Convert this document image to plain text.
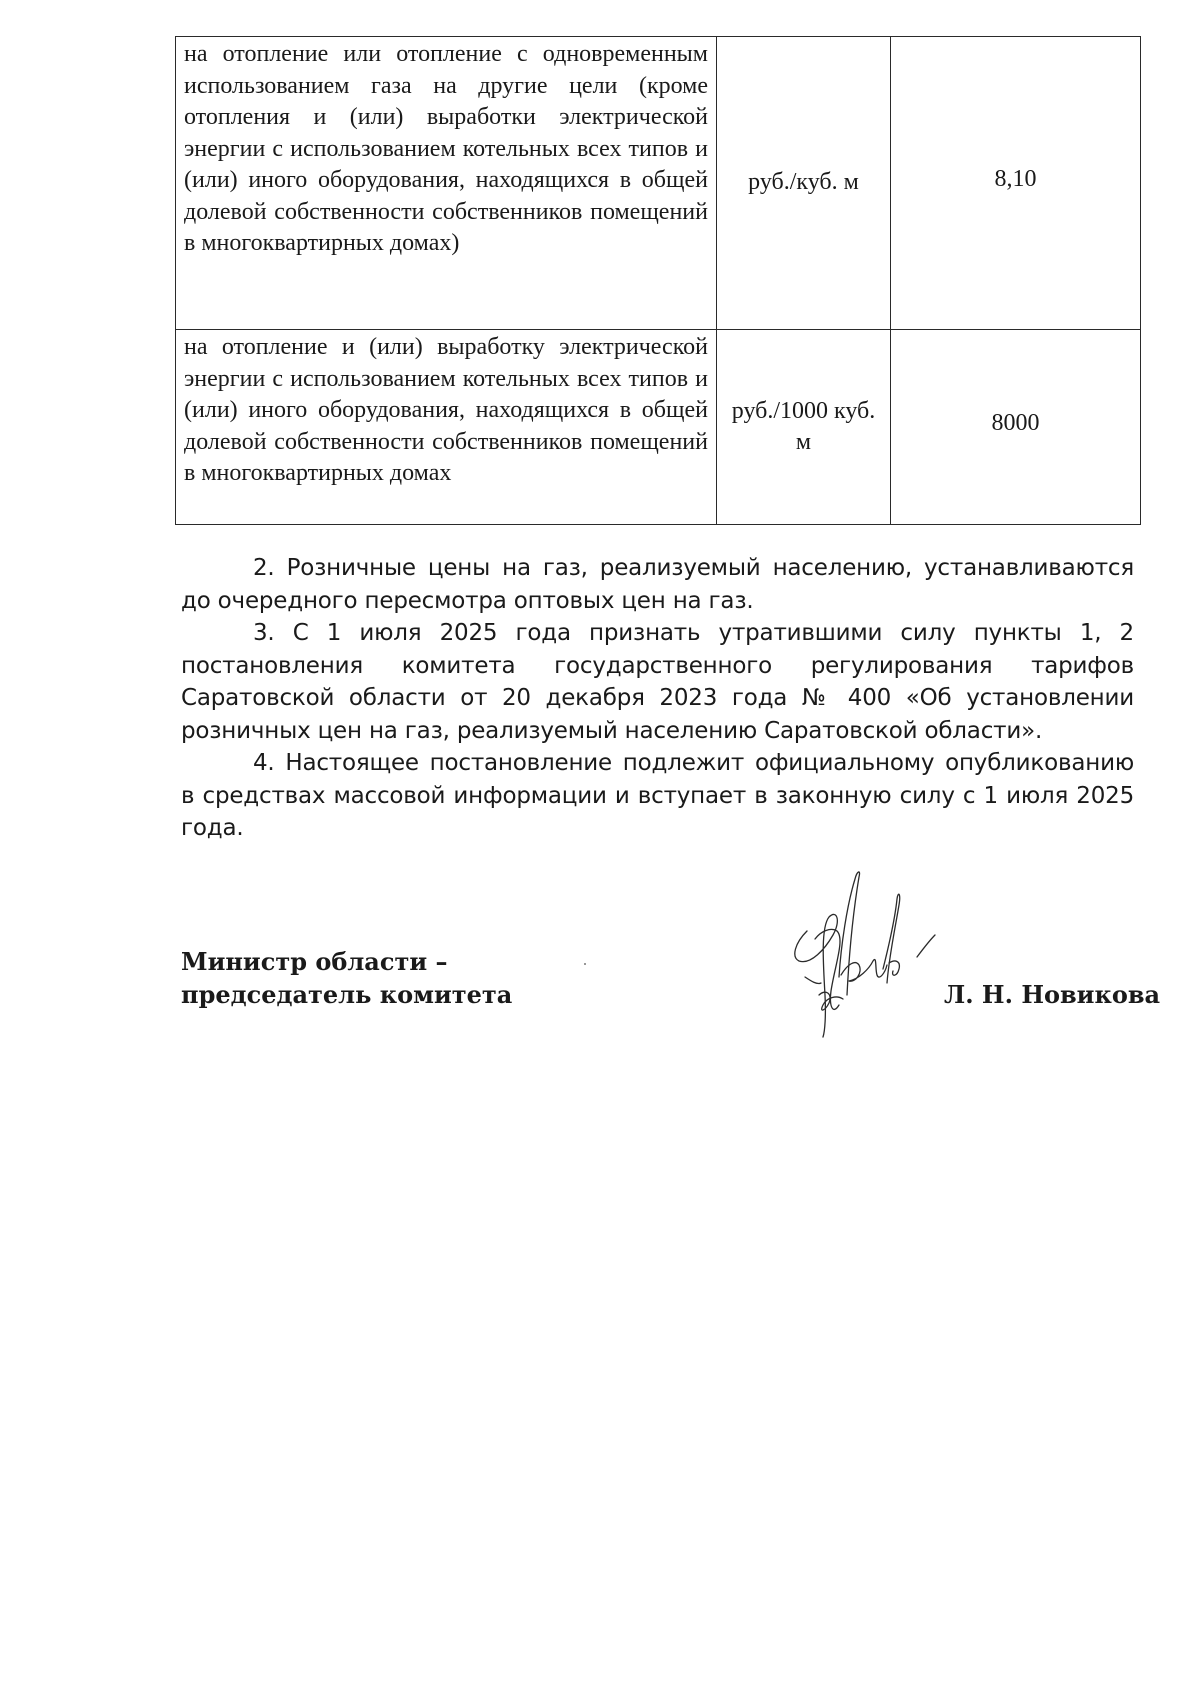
на отопление или отопление с одновременным использованием газа на другие цели (кроме отопления и (или) выработки электрической энергии с использованием котельных всех типов и (или) иного оборудования, находящихся в общей долевой собственности собственников помещений в многоквартирных домах)	руб./куб. м	8,10
на отопление и (или) выработку электрической энергии с использованием котельных всех типов и (или) иного оборудования, находящихся в общей долевой собственности собственников помещений в многоквартирных домах	руб./1000 куб. м	8000

2. Розничные цены на газ, реализуемый населению, устанавливаются до очередного пересмотра оптовых цен на газ.

3. С 1 июля 2025 года признать утратившими силу пункты 1, 2 постановления комитета государственного регулирования тарифов Саратовской области от 20 декабря 2023 года № 400 «Об установлении розничных цен на газ, реализуемый населению Саратовской области».

4. Настоящее постановление подлежит официальному опубликованию в средствах массовой информации и вступает в законную силу с 1 июля 2025 года.

Министр области –
председатель комитета	Л. Н. Новикова
